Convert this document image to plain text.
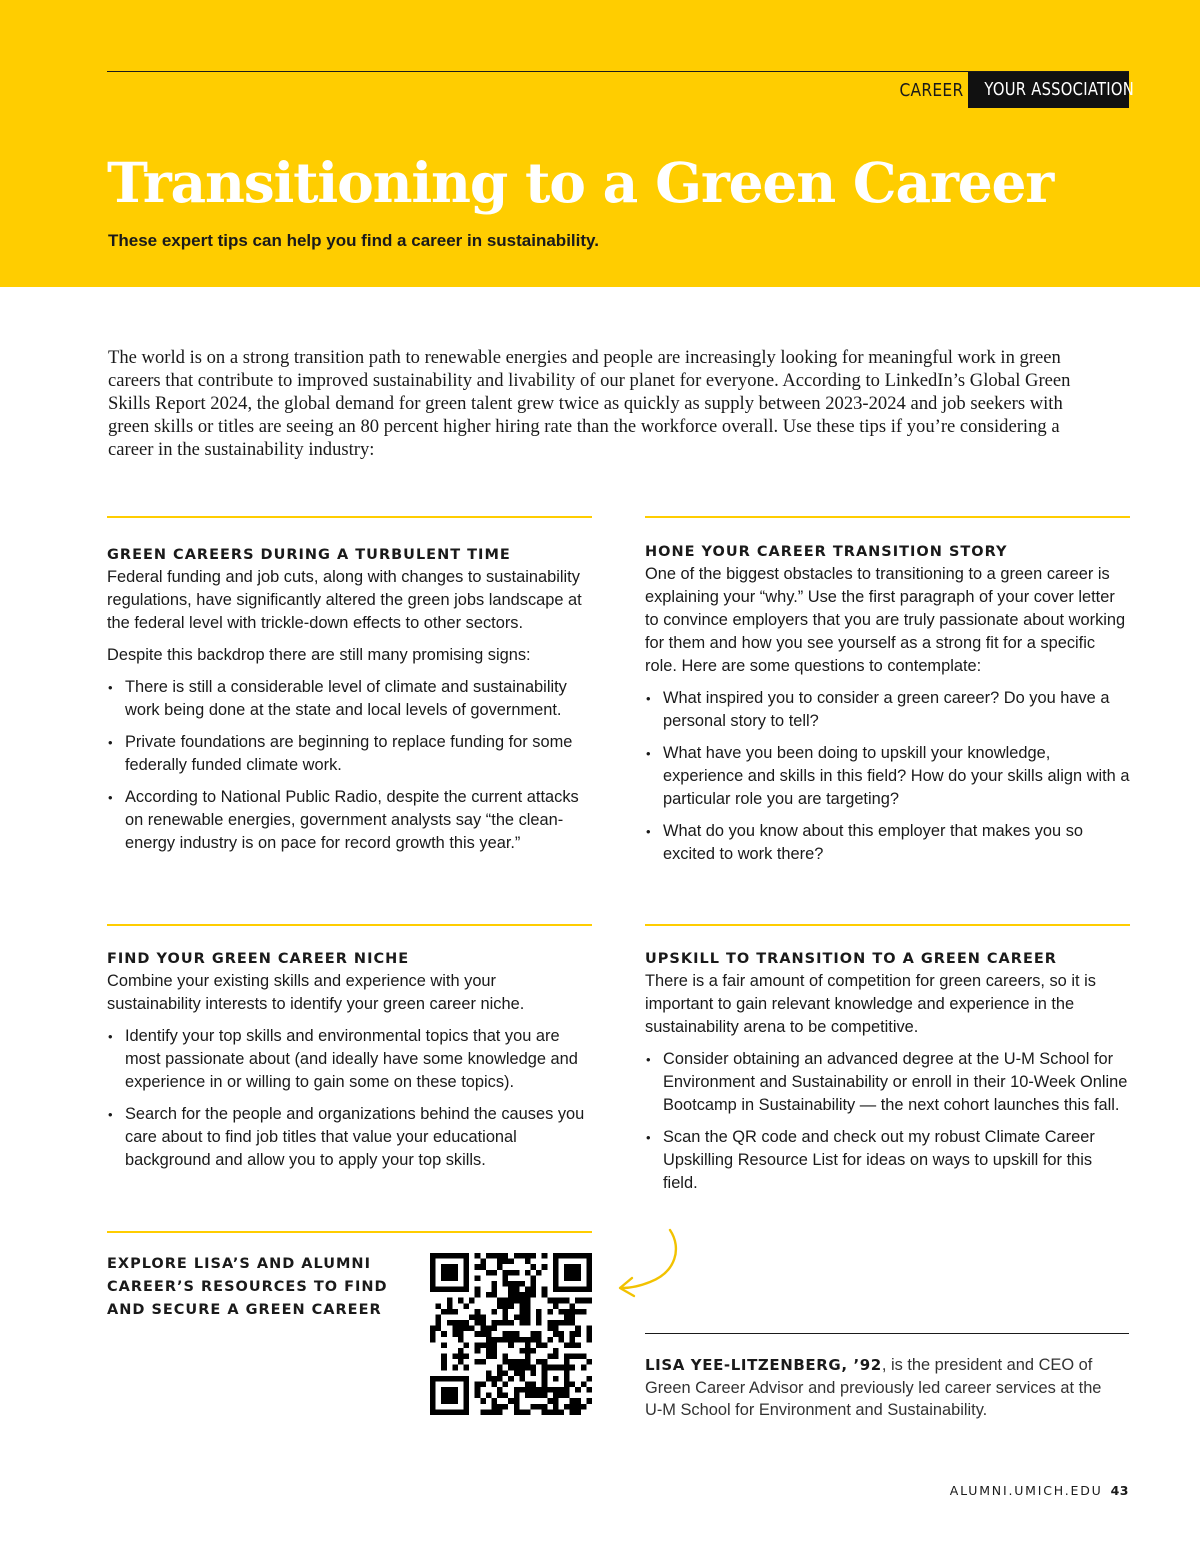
CAREER	YOUR ASSOCIATION
Transitioning to a Green Career
These expert tips can help you find a career in sustainability.

The world is on a strong transition path to renewable energies and people are increasingly looking for meaningful work in green careers that contribute to improved sustainability and livability of our planet for everyone. According to LinkedIn’s Global Green Skills Report 2024, the global demand for green talent grew twice as quickly as supply between 2023-2024 and job seekers with green skills or titles are seeing an 80 percent higher hiring rate than the workforce overall. Use these tips if you’re considering a career in the sustainability industry:

GREEN CAREERS DURING A TURBULENT TIME

Federal funding and job cuts, along with changes to sustainability regulations, have significantly altered the green jobs landscape at the federal level with trickle-down effects to other sectors.

Despite this backdrop there are still many promising signs:

• There is still a considerable level of climate and sustainability work being done at the state and local levels of government.
• Private foundations are beginning to replace funding for some federally funded climate work.
• According to National Public Radio, despite the current attacks on renewable energies, government analysts say “the clean-energy industry is on pace for record growth this year.”
HONE YOUR CAREER TRANSITION STORY

One of the biggest obstacles to transitioning to a green career is explaining your “why.” Use the first paragraph of your cover letter to convince employers that you are truly passionate about working for them and how you see yourself as a strong fit for a specific role. Here are some questions to contemplate:

• What inspired you to consider a green career? Do you have a personal story to tell?
• What have you been doing to upskill your knowledge, experience and skills in this field? How do your skills align with a particular role you are targeting?
• What do you know about this employer that makes you so excited to work there?
FIND YOUR GREEN CAREER NICHE

Combine your existing skills and experience with your sustainability interests to identify your green career niche.

• Identify your top skills and environmental topics that you are most passionate about (and ideally have some knowledge and experience in or willing to gain some on these topics).
• Search for the people and organizations behind the causes you care about to find job titles that value your educational background and allow you to apply your top skills.
UPSKILL TO TRANSITION TO A GREEN CAREER

There is a fair amount of competition for green careers, so it is important to gain relevant knowledge and experience in the sustainability arena to be competitive.

• Consider obtaining an advanced degree at the U-M School for Environment and Sustainability or enroll in their 10-Week Online Bootcamp in Sustainability — the next cohort launches this fall.
• Scan the QR code and check out my robust Climate Career Upskilling Resource List for ideas on ways to upskill for this field.
EXPLORE LISA’S AND ALUMNI CAREER’S RESOURCES TO FIND AND SECURE A GREEN CAREER

LISA YEE-LITZENBERG, ’92, is the president and CEO of Green Career Advisor and previously led career services at the U-M School for Environment and Sustainability.

ALUMNI.UMICH.EDU 43
